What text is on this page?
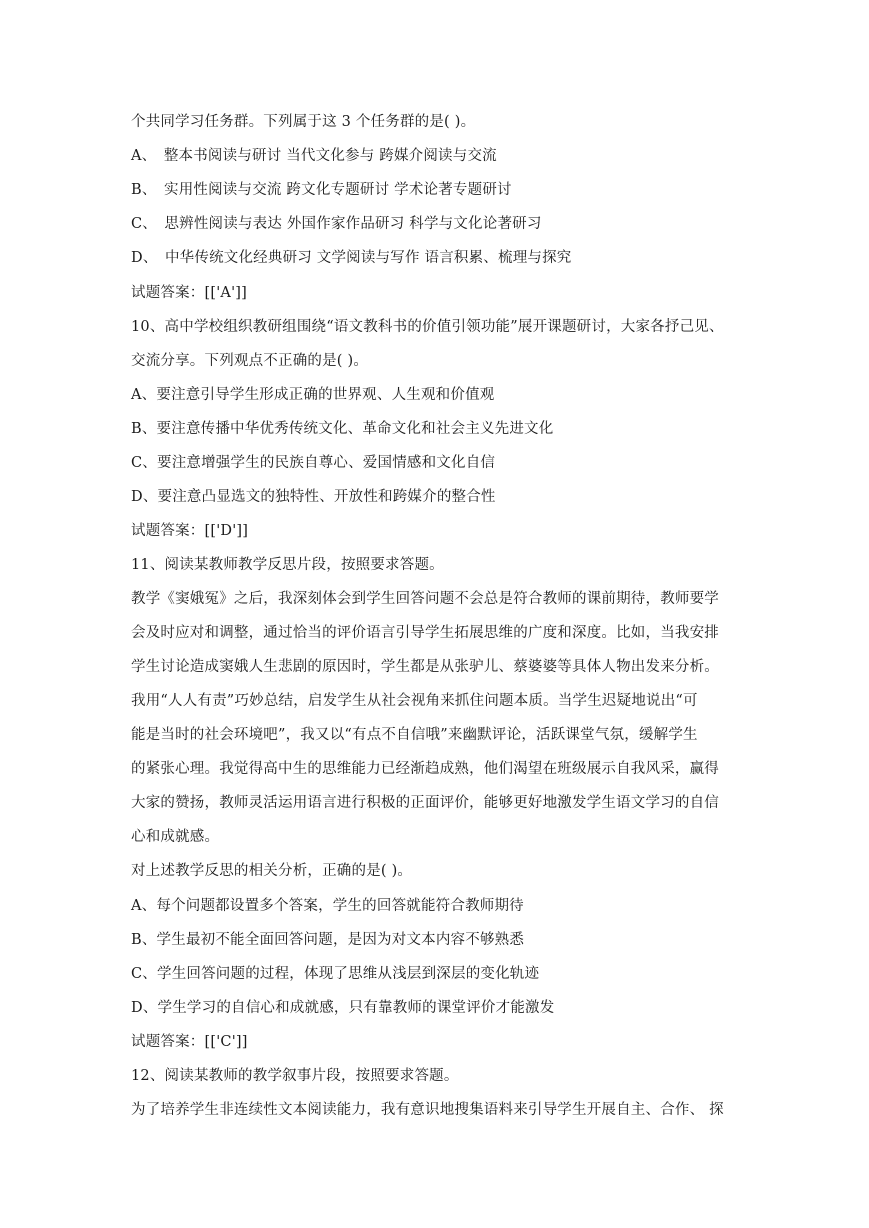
个共同学习任务群。下列属于这 3 个任务群的是( )。

A、　整本书阅读与研讨 当代文化参与 跨媒介阅读与交流

B、　实用性阅读与交流 跨文化专题研讨 学术论著专题研讨

C、　思辨性阅读与表达 外国作家作品研习 科学与文化论著研习

D、　中华传统文化经典研习 文学阅读与写作 语言积累、梳理与探究

试题答案：[['A']]

10、高中学校组织教研组围绕“语文教科书的价值引领功能”展开课题研讨，大家各抒己见、

交流分享。下列观点不正确的是( )。

A、要注意引导学生形成正确的世界观、人生观和价值观

B、要注意传播中华优秀传统文化、革命文化和社会主义先进文化

C、要注意增强学生的民族自尊心、爱国情感和文化自信

D、要注意凸显选文的独特性、开放性和跨媒介的整合性

试题答案：[['D']]

11、阅读某教师教学反思片段，按照要求答题。

教学《窦娥冤》之后，我深刻体会到学生回答问题不会总是符合教师的课前期待，教师要学

会及时应对和调整，通过恰当的评价语言引导学生拓展思维的广度和深度。比如，当我安排

学生讨论造成窦娥人生悲剧的原因时，学生都是从张驴儿、蔡婆婆等具体人物出发来分析。

我用“人人有责”巧妙总结，启发学生从社会视角来抓住问题本质。当学生迟疑地说出“可

能是当时的社会环境吧”，我又以“有点不自信哦”来幽默评论，活跃课堂气氛，缓解学生

的紧张心理。我觉得高中生的思维能力已经渐趋成熟，他们渴望在班级展示自我风采，赢得

大家的赞扬，教师灵活运用语言进行积极的正面评价，能够更好地激发学生语文学习的自信

心和成就感。

对上述教学反思的相关分析，正确的是( )。

A、每个问题都设置多个答案，学生的回答就能符合教师期待

B、学生最初不能全面回答问题，是因为对文本内容不够熟悉

C、学生回答问题的过程，体现了思维从浅层到深层的变化轨迹

D、学生学习的自信心和成就感，只有靠教师的课堂评价才能激发

试题答案：[['C']]

12、阅读某教师的教学叙事片段，按照要求答题。

为了培养学生非连续性文本阅读能力，我有意识地搜集语料来引导学生开展自主、合作、 探
